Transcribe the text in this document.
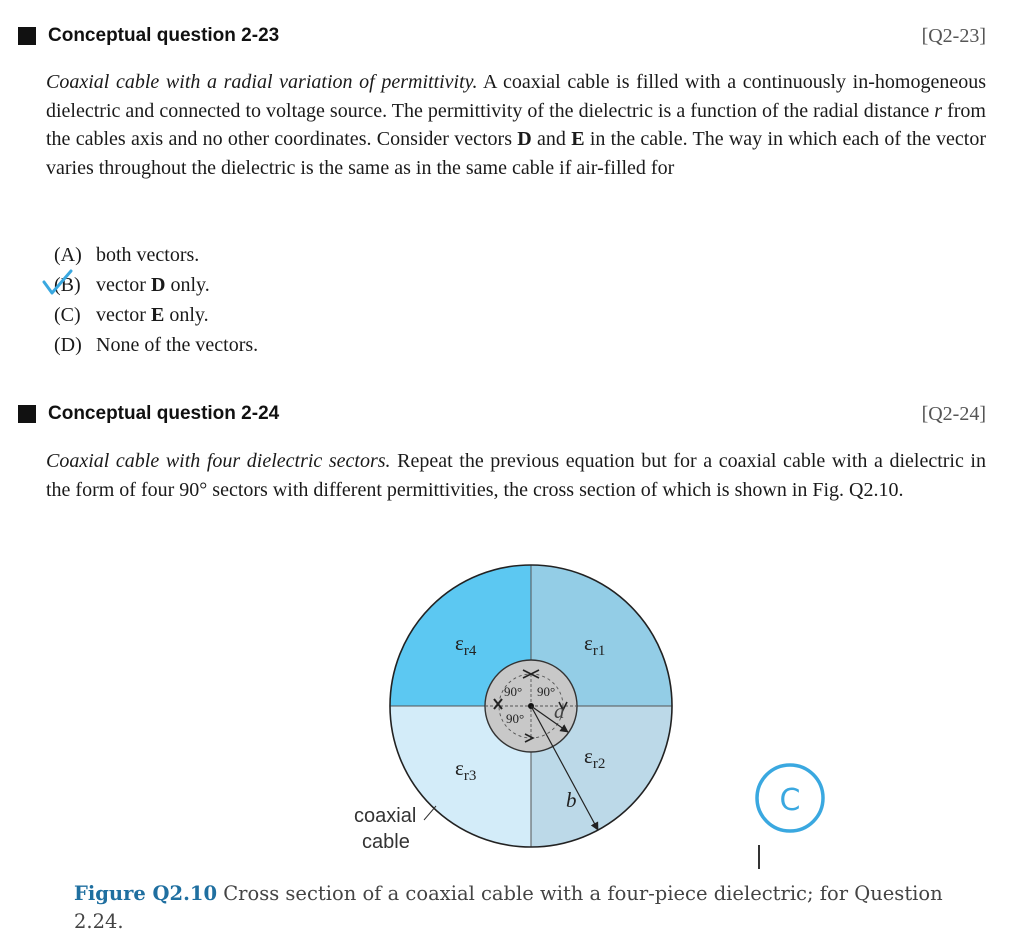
Conceptual question 2-23	[Q2-23]
Coaxial cable with a radial variation of permittivity. A coaxial cable is filled with a continuously in-homogeneous dielectric and connected to voltage source. The permittivity of the dielectric is a function of the radial distance r from the cables axis and no other coordinates. Consider vectors D and E in the cable. The way in which each of the vector varies throughout the dielectric is the same as in the same cable if air-filled for
(A) both vectors.
(B) vector D only.
(C) vector E only.
(D) None of the vectors.
Conceptual question 2-24	[Q2-24]
Coaxial cable with four dielectric sectors. Repeat the previous equation but for a coaxial cable with a dielectric in the form of four 90° sectors with different permittivities, the cross section of which is shown in Fig. Q2.10.
$\varepsilon_{r4}$	$\varepsilon_{r1}$
$\varepsilon_{r3}$
$\varepsilon_{r2}$
90° 90°
90° a
b
coaxial
cable
C
Figure Q2.10 Cross section of a coaxial cable with a four-piece dielectric; for Question 2.24.
